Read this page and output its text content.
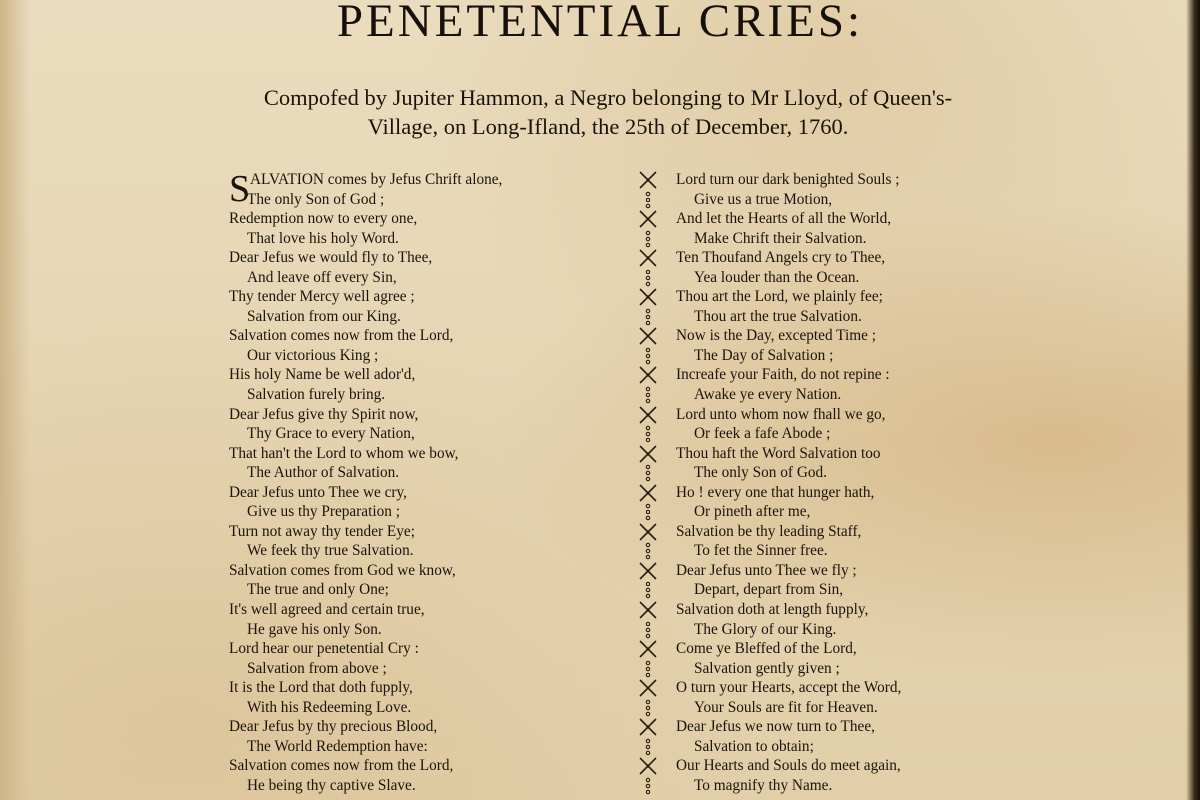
PENETENTIAL CRIES:

Compofed by Jupiter Hammon, a Negro belonging to Mr Lloyd, of Queen's-

Village, on Long-Ifland, the 25th of December, 1760.

S ALVATION comes by Jefus Chrift alone,
The only Son of God ;
Redemption now to every one,
That love his holy Word.
Dear Jefus we would fly to Thee,
And leave off every Sin,
Thy tender Mercy well agree ;
Salvation from our King.
Salvation comes now from the Lord,
Our victorious King ;
His holy Name be well ador'd,
Salvation furely bring.
Dear Jefus give thy Spirit now,
Thy Grace to every Nation,
That han't the Lord to whom we bow,
The Author of Salvation.
Dear Jefus unto Thee we cry,
Give us thy Preparation ;
Turn not away thy tender Eye;
We feek thy true Salvation.
Salvation comes from God we know,
The true and only One;
It's well agreed and certain true,
He gave his only Son.
Lord hear our penetential Cry :
Salvation from above ;
It is the Lord that doth fupply,
With his Redeeming Love.
Dear Jefus by thy precious Blood,
The World Redemption have:
Salvation comes now from the Lord,
He being thy captive Slave.
Lord turn our dark benighted Souls ;
Give us a true Motion,
And let the Hearts of all the World,
Make Chrift their Salvation.
Ten Thoufand Angels cry to Thee,
Yea louder than the Ocean.
Thou art the Lord, we plainly fee;
Thou art the true Salvation.
Now is the Day, excepted Time ;
The Day of Salvation ;
Increafe your Faith, do not repine :
Awake ye every Nation.
Lord unto whom now fhall we go,
Or feek a fafe Abode ;
Thou haft the Word Salvation too
The only Son of God.
Ho ! every one that hunger hath,
Or pineth after me,
Salvation be thy leading Staff,
To fet the Sinner free.
Dear Jefus unto Thee we fly ;
Depart, depart from Sin,
Salvation doth at length fupply,
The Glory of our King.
Come ye Bleffed of the Lord,
Salvation gently given ;
O turn your Hearts, accept the Word,
Your Souls are fit for Heaven.
Dear Jefus we now turn to Thee,
Salvation to obtain;
Our Hearts and Souls do meet again,
To magnify thy Name.
